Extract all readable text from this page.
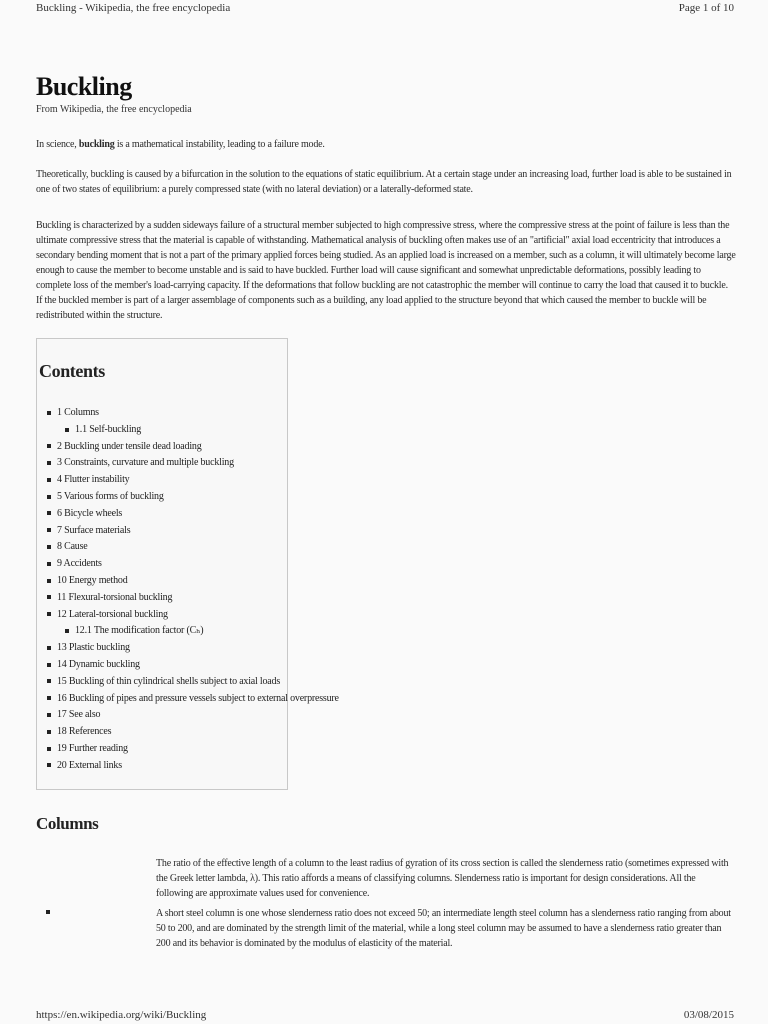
Buckling - Wikipedia, the free encyclopedia	Page 1 of 10
Buckling
From Wikipedia, the free encyclopedia
In science, buckling is a mathematical instability, leading to a failure mode.
Theoretically, buckling is caused by a bifurcation in the solution to the equations of static equilibrium. At a certain stage under an increasing load, further load is able to be sustained in one of two states of equilibrium: a purely compressed state (with no lateral deviation) or a laterally-deformed state.
Buckling is characterized by a sudden sideways failure of a structural member subjected to high compressive stress, where the compressive stress at the point of failure is less than the ultimate compressive stress that the material is capable of withstanding. Mathematical analysis of buckling often makes use of an "artificial" axial load eccentricity that introduces a secondary bending moment that is not a part of the primary applied forces being studied. As an applied load is increased on a member, such as a column, it will ultimately become large enough to cause the member to become unstable and is said to have buckled. Further load will cause significant and somewhat unpredictable deformations, possibly leading to complete loss of the member's load-carrying capacity. If the deformations that follow buckling are not catastrophic the member will continue to carry the load that caused it to buckle. If the buckled member is part of a larger assemblage of components such as a building, any load applied to the structure beyond that which caused the member to buckle will be redistributed within the structure.
Contents
1 Columns
1.1 Self-buckling
2 Buckling under tensile dead loading
3 Constraints, curvature and multiple buckling
4 Flutter instability
5 Various forms of buckling
6 Bicycle wheels
7 Surface materials
8 Cause
9 Accidents
10 Energy method
11 Flexural-torsional buckling
12 Lateral-torsional buckling
12.1 The modification factor (Cₕ)
13 Plastic buckling
14 Dynamic buckling
15 Buckling of thin cylindrical shells subject to axial loads
16 Buckling of pipes and pressure vessels subject to external overpressure
17 See also
18 References
19 Further reading
20 External links
Columns
The ratio of the effective length of a column to the least radius of gyration of its cross section is called the slenderness ratio (sometimes expressed with the Greek letter lambda, λ). This ratio affords a means of classifying columns. Slenderness ratio is important for design considerations. All the following are approximate values used for convenience.
A short steel column is one whose slenderness ratio does not exceed 50; an intermediate length steel column has a slenderness ratio ranging from about 50 to 200, and are dominated by the strength limit of the material, while a long steel column may be assumed to have a slenderness ratio greater than 200 and its behavior is dominated by the modulus of elasticity of the material.
https://en.wikipedia.org/wiki/Buckling	03/08/2015
